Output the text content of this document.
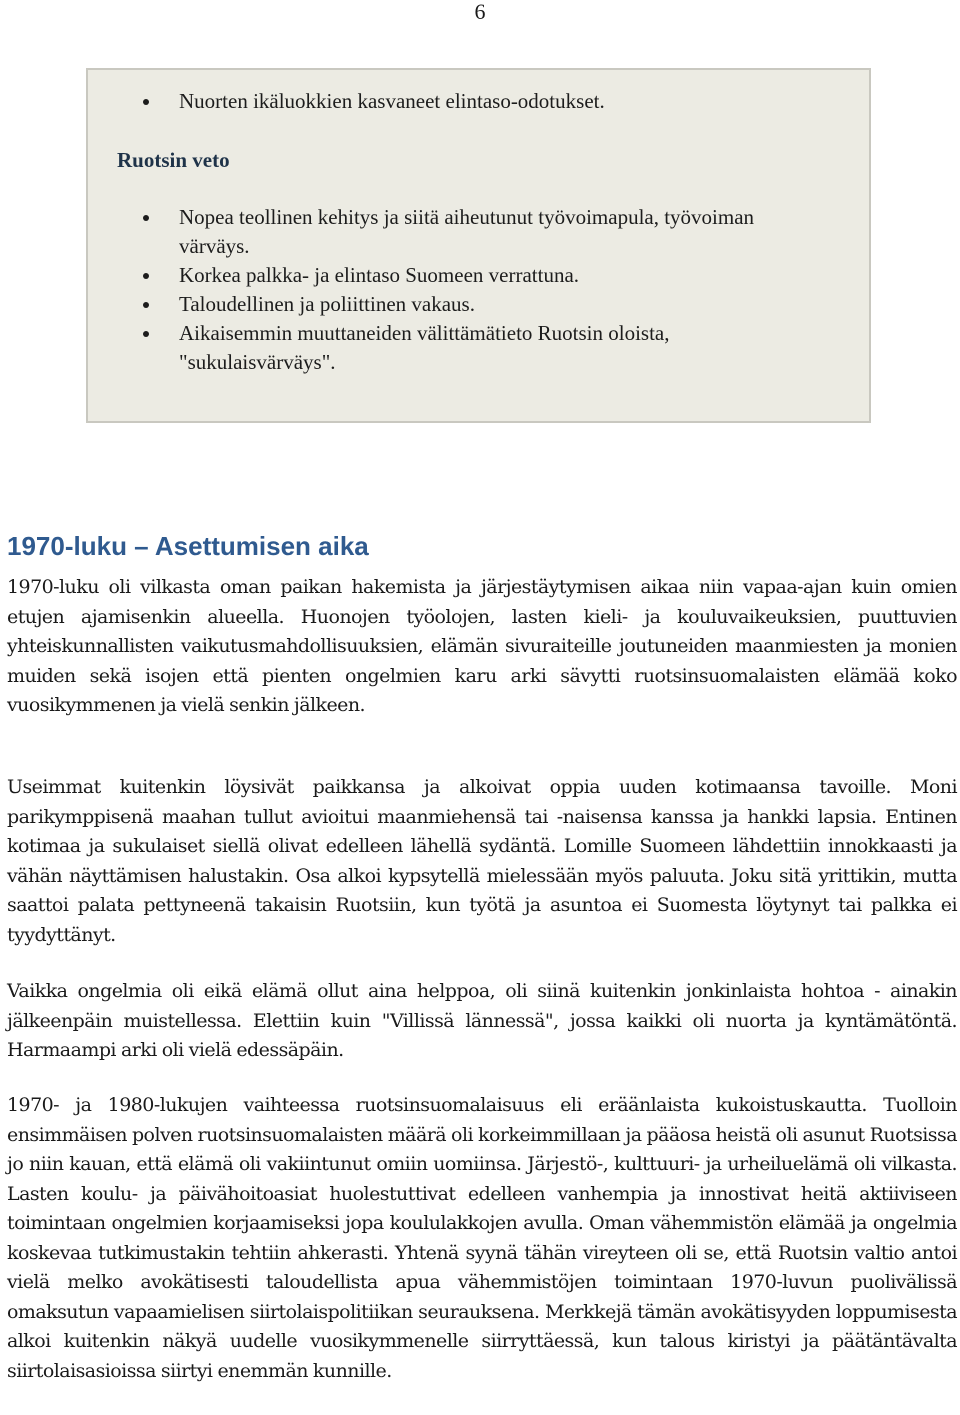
6
Nuorten ikäluokkien kasvaneet elintaso-odotukset.
Ruotsin veto
Nopea teollinen kehitys ja siitä aiheutunut työvoimapula, työvoiman värväys.
Korkea palkka- ja elintaso Suomeen verrattuna.
Taloudellinen ja poliittinen vakaus.
Aikaisemmin muuttaneiden välittämätieto Ruotsin oloista, "sukulaisvärväys".
1970-luku – Asettumisen aika

1970-luku oli vilkasta oman paikan hakemista ja järjestäytymisen aikaa niin vapaa-ajan kuin omien etujen ajamisenkin alueella. Huonojen työolojen, lasten kieli- ja kouluvaikeuksien, puuttuvien yhteiskunnallisten vaikutusmahdollisuuksien, elämän sivuraiteille joutuneiden maanmiesten ja monien muiden sekä isojen että pienten ongelmien karu arki sävytti ruotsinsuomalaisten elämää koko vuosikymmenen ja vielä senkin jälkeen.

Useimmat kuitenkin löysivät paikkansa ja alkoivat oppia uuden kotimaansa tavoille. Moni parikymppisenä maahan tullut avioitui maanmiehensä tai -naisensa kanssa ja hankki lapsia. Entinen kotimaa ja sukulaiset siellä olivat edelleen lähellä sydäntä. Lomille Suomeen lähdettiin innokkaasti ja vähän näyttämisen halustakin. Osa alkoi kypsytellä mielessään myös paluuta. Joku sitä yrittikin, mutta saattoi palata pettyneenä takaisin Ruotsiin, kun työtä ja asuntoa ei Suomesta löytynyt tai palkka ei tyydyttänyt.

Vaikka ongelmia oli eikä elämä ollut aina helppoa, oli siinä kuitenkin jonkinlaista hohtoa - ainakin jälkeenpäin muistellessa. Elettiin kuin "Villissä lännessä", jossa kaikki oli nuorta ja kyntämätöntä. Harmaampi arki oli vielä edessäpäin.

1970- ja 1980-lukujen vaihteessa ruotsinsuomalaisuus eli eräänlaista kukoistuskautta. Tuolloin ensimmäisen polven ruotsinsuomalaisten määrä oli korkeimmillaan ja pääosa heistä oli asunut Ruotsissa jo niin kauan, että elämä oli vakiintunut omiin uomiinsa. Järjestö-, kulttuuri- ja urheiluelämä oli vilkasta. Lasten koulu- ja päivähoitoasiat huolestuttivat edelleen vanhempia ja innostivat heitä aktiiviseen toimintaan ongelmien korjaamiseksi jopa koululakkojen avulla. Oman vähemmistön elämää ja ongelmia koskevaa tutkimustakin tehtiin ahkerasti. Yhtenä syynä tähän vireyteen oli se, että Ruotsin valtio antoi vielä melko avokätisesti taloudellista apua vähemmistöjen toimintaan 1970-luvun puolivälissä omaksutun vapaamielisen siirtolaispolitiikan seurauksena. Merkkejä tämän avokätisyyden loppumisesta alkoi kuitenkin näkyä uudelle vuosikymmenelle siirryttäessä, kun talous kiristyi ja päätäntävalta siirtolaisasioissa siirtyi enemmän kunnille.
